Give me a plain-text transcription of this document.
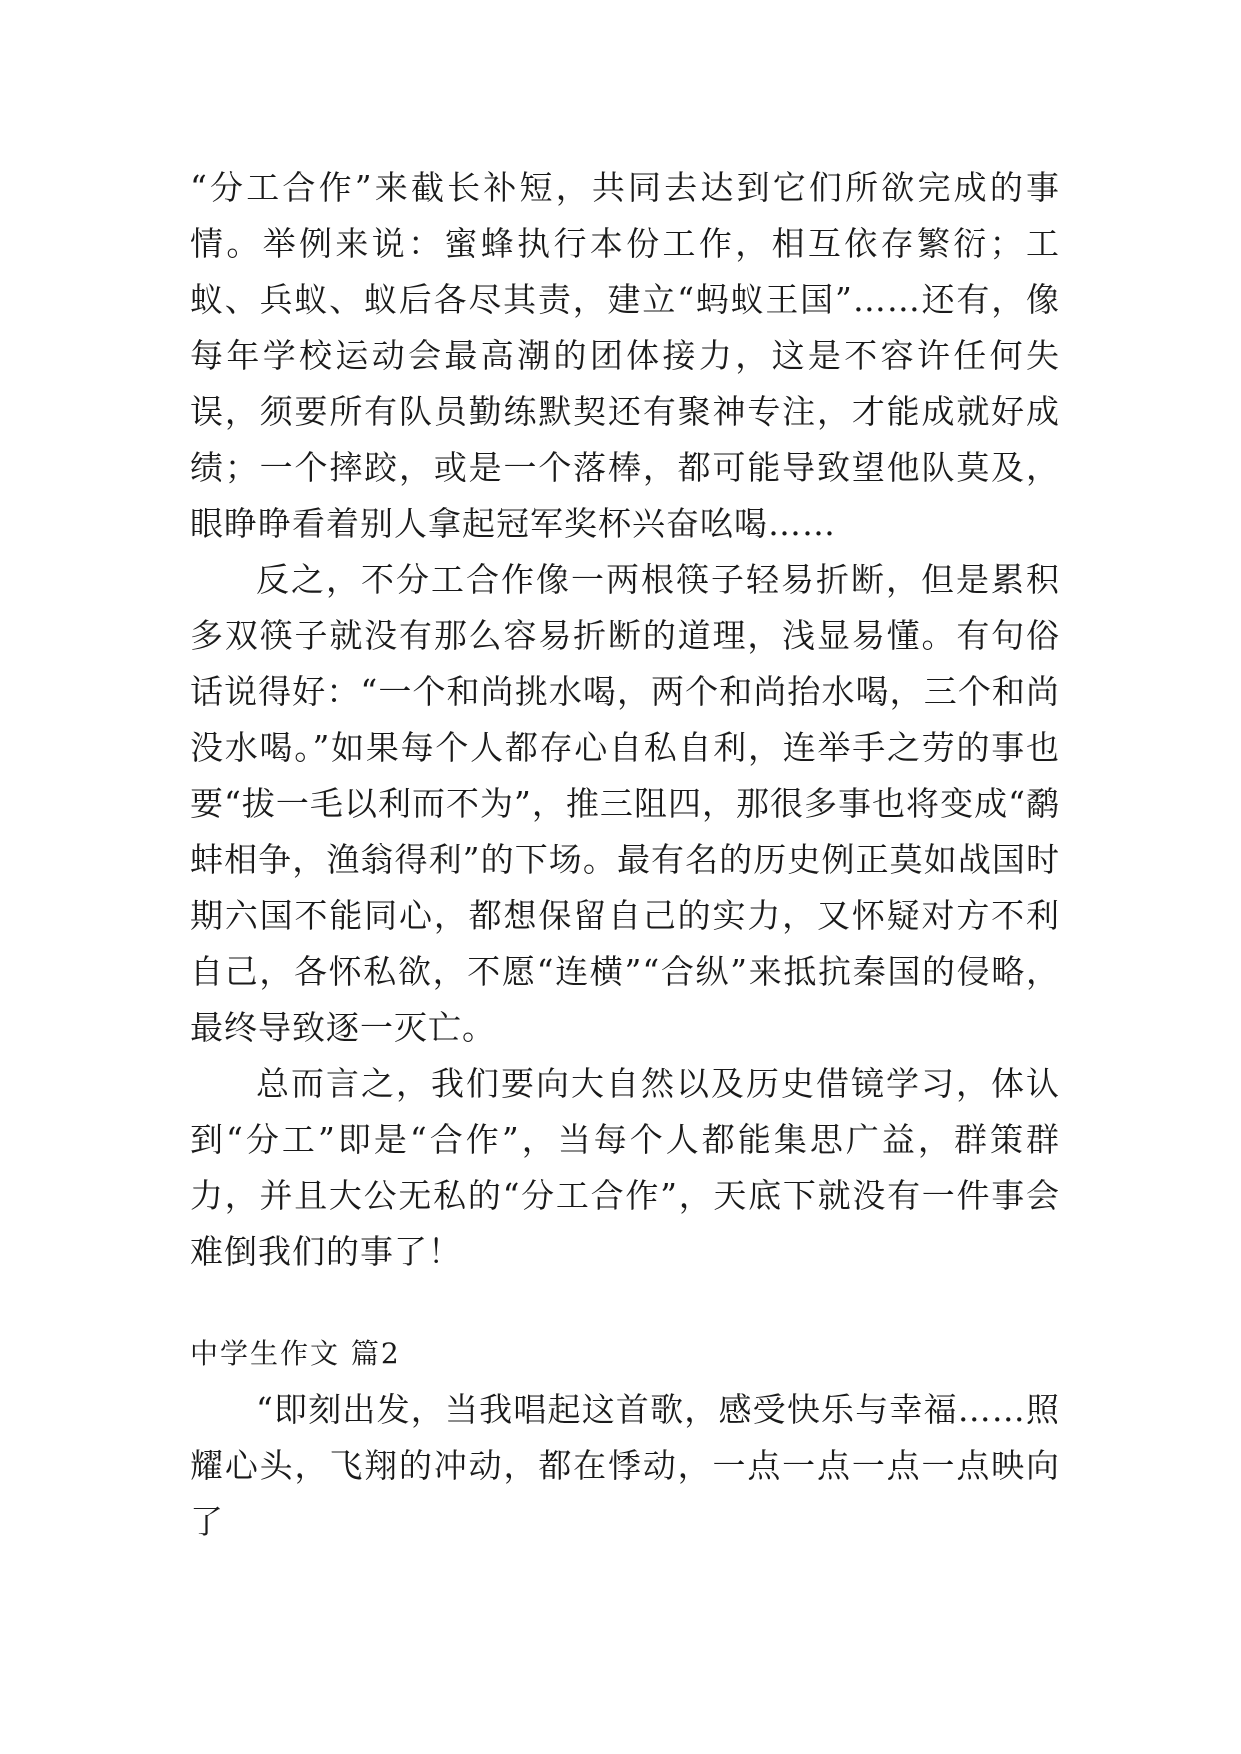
“分工合作”来截长补短，共同去达到它们所欲完成的事情。举例来说：蜜蜂执行本份工作，相互依存繁衍；工蚁、兵蚁、蚁后各尽其责，建立“蚂蚁王国”……还有，像每年学校运动会最高潮的团体接力，这是不容许任何失误，须要所有队员勤练默契还有聚神专注，才能成就好成绩；一个摔跤，或是一个落棒，都可能导致望他队莫及，眼睁睁看着别人拿起冠军奖杯兴奋吆喝……

反之，不分工合作像一两根筷子轻易折断，但是累积多双筷子就没有那么容易折断的道理，浅显易懂。有句俗话说得好：“一个和尚挑水喝，两个和尚抬水喝，三个和尚没水喝。”如果每个人都存心自私自利，连举手之劳的事也要“拔一毛以利而不为”，推三阻四，那很多事也将变成“鹬蚌相争，渔翁得利”的下场。最有名的历史例正莫如战国时期六国不能同心，都想保留自己的实力，又怀疑对方不利自己，各怀私欲，不愿“连横”“合纵”来抵抗秦国的侵略，最终导致逐一灭亡。

总而言之，我们要向大自然以及历史借镜学习，体认到“分工”即是“合作”，当每个人都能集思广益，群策群力，并且大公无私的“分工合作”，天底下就没有一件事会难倒我们的事了！

中学生作文 篇2

“即刻出发，当我唱起这首歌，感受快乐与幸福……照耀心头，飞翔的冲动，都在悸动，一点一点一点一点映向了
